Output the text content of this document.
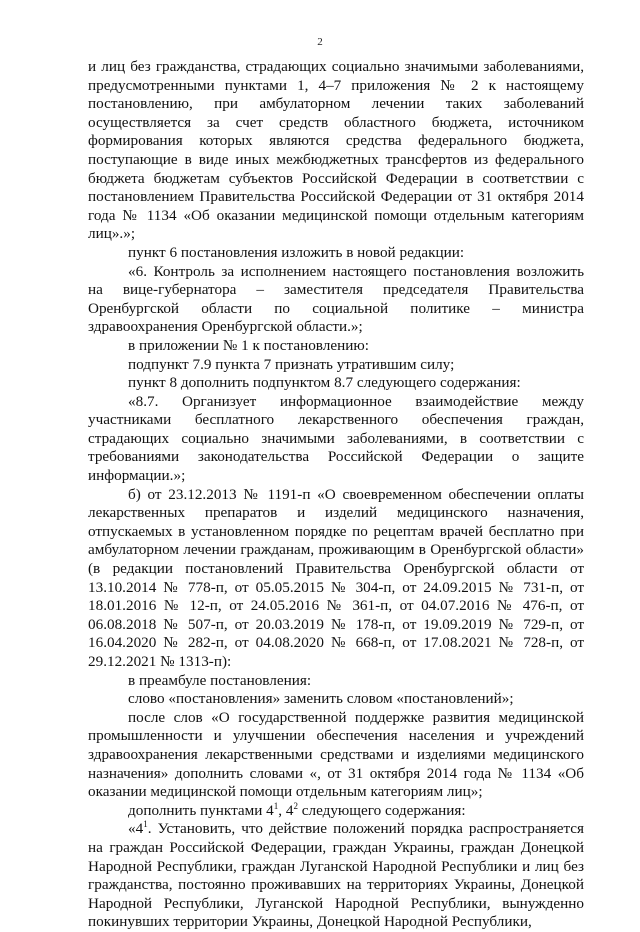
2

и лиц без гражданства, страдающих социально значимыми заболеваниями, предусмотренными пунктами 1, 4–7 приложения № 2 к настоящему постановлению, при амбулаторном лечении таких заболеваний осуществляется за счет средств областного бюджета, источником формирования которых являются средства федерального бюджета, поступающие в виде иных межбюджетных трансфертов из федерального бюджета бюджетам субъектов Российской Федерации в соответствии с постановлением Правительства Российской Федерации от 31 октября 2014 года № 1134 «Об оказании медицинской помощи отдельным категориям лиц».»;

пункт 6 постановления изложить в новой редакции:

«6. Контроль за исполнением настоящего постановления возложить на вице-губернатора – заместителя председателя Правительства Оренбургской области по социальной политике – министра здравоохранения Оренбургской области.»;

в приложении № 1 к постановлению:

подпункт 7.9 пункта 7 признать утратившим силу;

пункт 8 дополнить подпунктом 8.7 следующего содержания:

«8.7. Организует информационное взаимодействие между участниками бесплатного лекарственного обеспечения граждан, страдающих социально значимыми заболеваниями, в соответствии с требованиями законодательства Российской Федерации о защите информации.»;

б) от 23.12.2013 № 1191-п «О своевременном обеспечении оплаты лекарственных препаратов и изделий медицинского назначения, отпускаемых в установленном порядке по рецептам врачей бесплатно при амбулаторном лечении гражданам, проживающим в Оренбургской области» (в редакции постановлений Правительства Оренбургской области от 13.10.2014 № 778-п, от 05.05.2015 № 304-п, от 24.09.2015 № 731-п, от 18.01.2016 № 12-п, от 24.05.2016 № 361-п, от 04.07.2016 № 476-п, от 06.08.2018 № 507-п, от 20.03.2019 № 178-п, от 19.09.2019 № 729-п, от 16.04.2020 № 282-п, от 04.08.2020 № 668-п, от 17.08.2021 № 728-п, от 29.12.2021 № 1313-п):

в преамбуле постановления:

слово «постановления» заменить словом «постановлений»;

после слов «О государственной поддержке развития медицинской промышленности и улучшении обеспечения населения и учреждений здравоохранения лекарственными средствами и изделиями медицинского назначения» дополнить словами «, от 31 октября 2014 года № 1134 «Об оказании медицинской помощи отдельным категориям лиц»;

дополнить пунктами $4^1$, $4^2$ следующего содержания:

«$4^1$. Установить, что действие положений порядка распространяется на граждан Российской Федерации, граждан Украины, граждан Донецкой Народной Республики, граждан Луганской Народной Республики и лиц без гражданства, постоянно проживавших на территориях Украины, Донецкой Народной Республики, Луганской Народной Республики, вынужденно покинувших территории Украины, Донецкой Народной Республики,
